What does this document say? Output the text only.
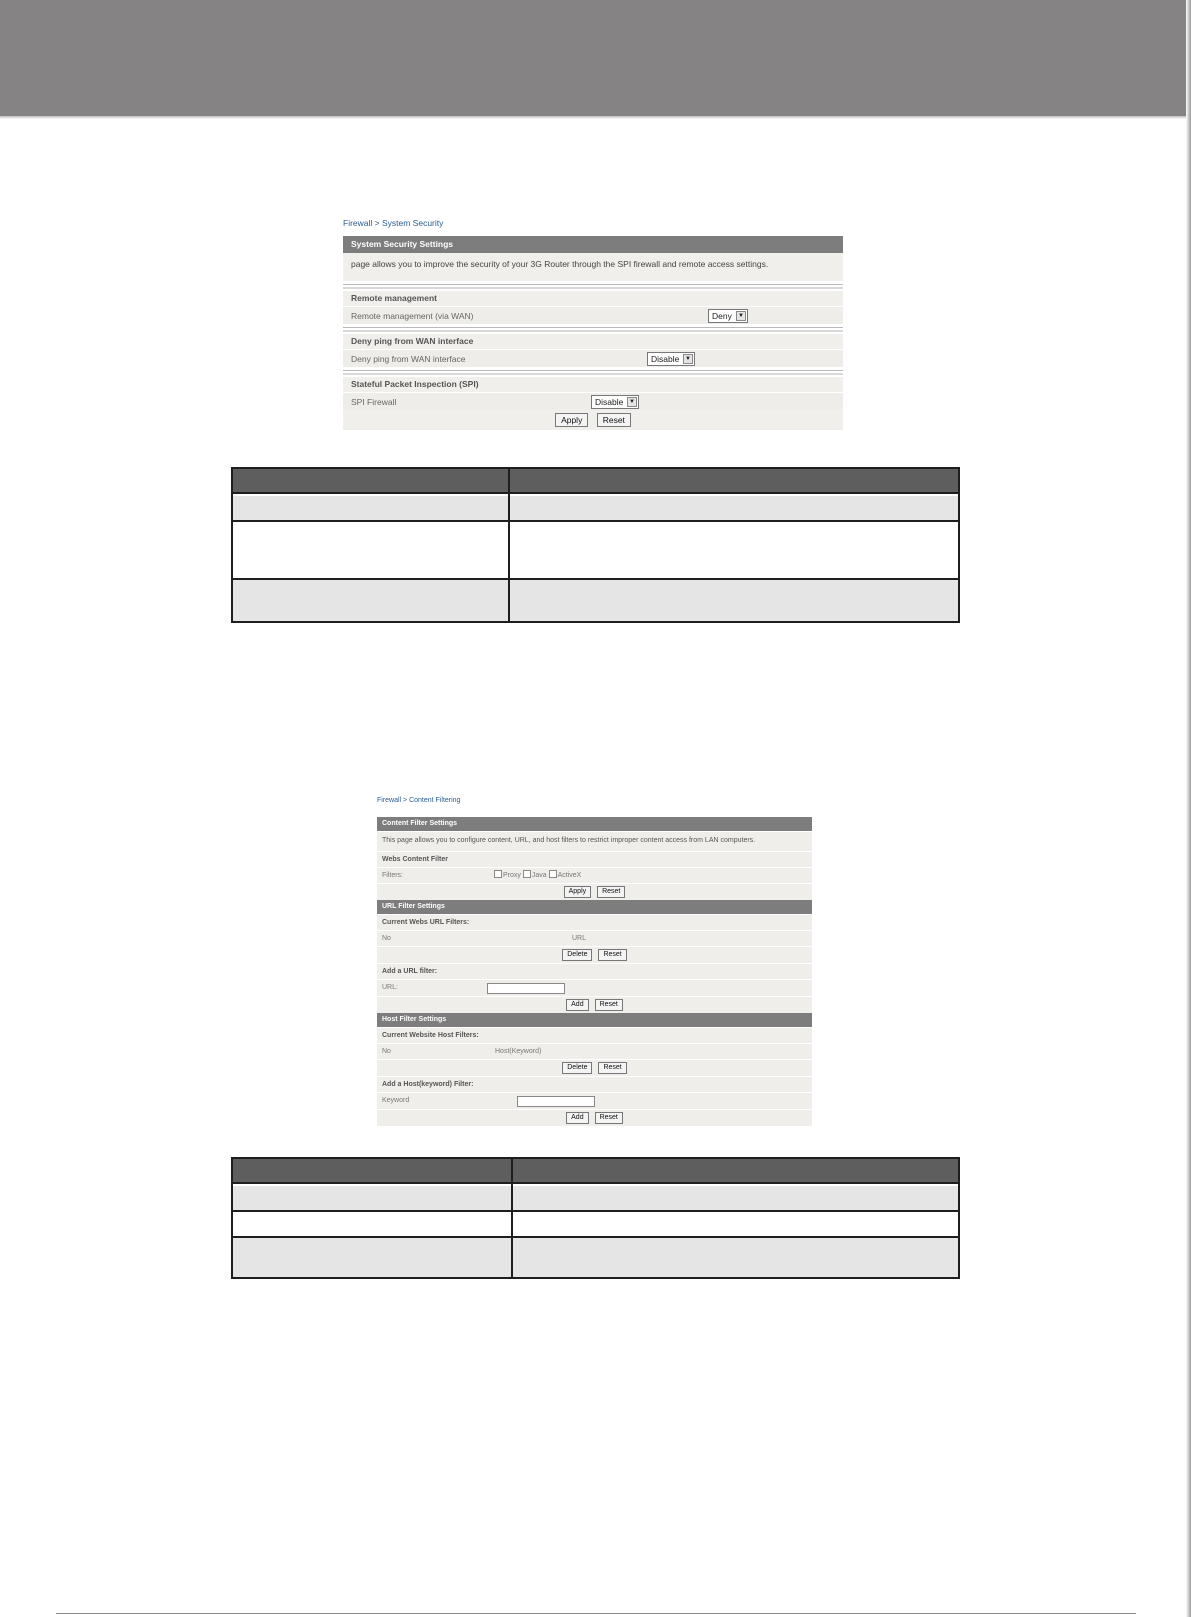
Firewall > System Security
System Security Settings
page allows you to improve the security of your 3G Router through the SPI firewall and remote access settings.
Remote management
Remote management (via WAN)	Deny	▼
Deny ping from WAN interface
Deny ping from WAN interface	Disable ▼
Stateful Packet Inspection (SPI)
SPI Firewall	Disable ▼
Apply Reset
Firewall > Content Filtering
Content Filter Settings
This page allows you to configure content, URL, and host filters to restrict improper content access from LAN computers.
Webs Content Filter
Filters:	Proxy Java ActiveX
Apply Reset
URL Filter Settings
Current Webs URL Filters:
No	URL
Delete Reset
Add a URL filter:
URL:
Add Reset
Host Filter Settings
Current Website Host Filters:
No	Host(Keyword)
Delete Reset
Add a Host(keyword) Filter:
Keyword
Add Reset
